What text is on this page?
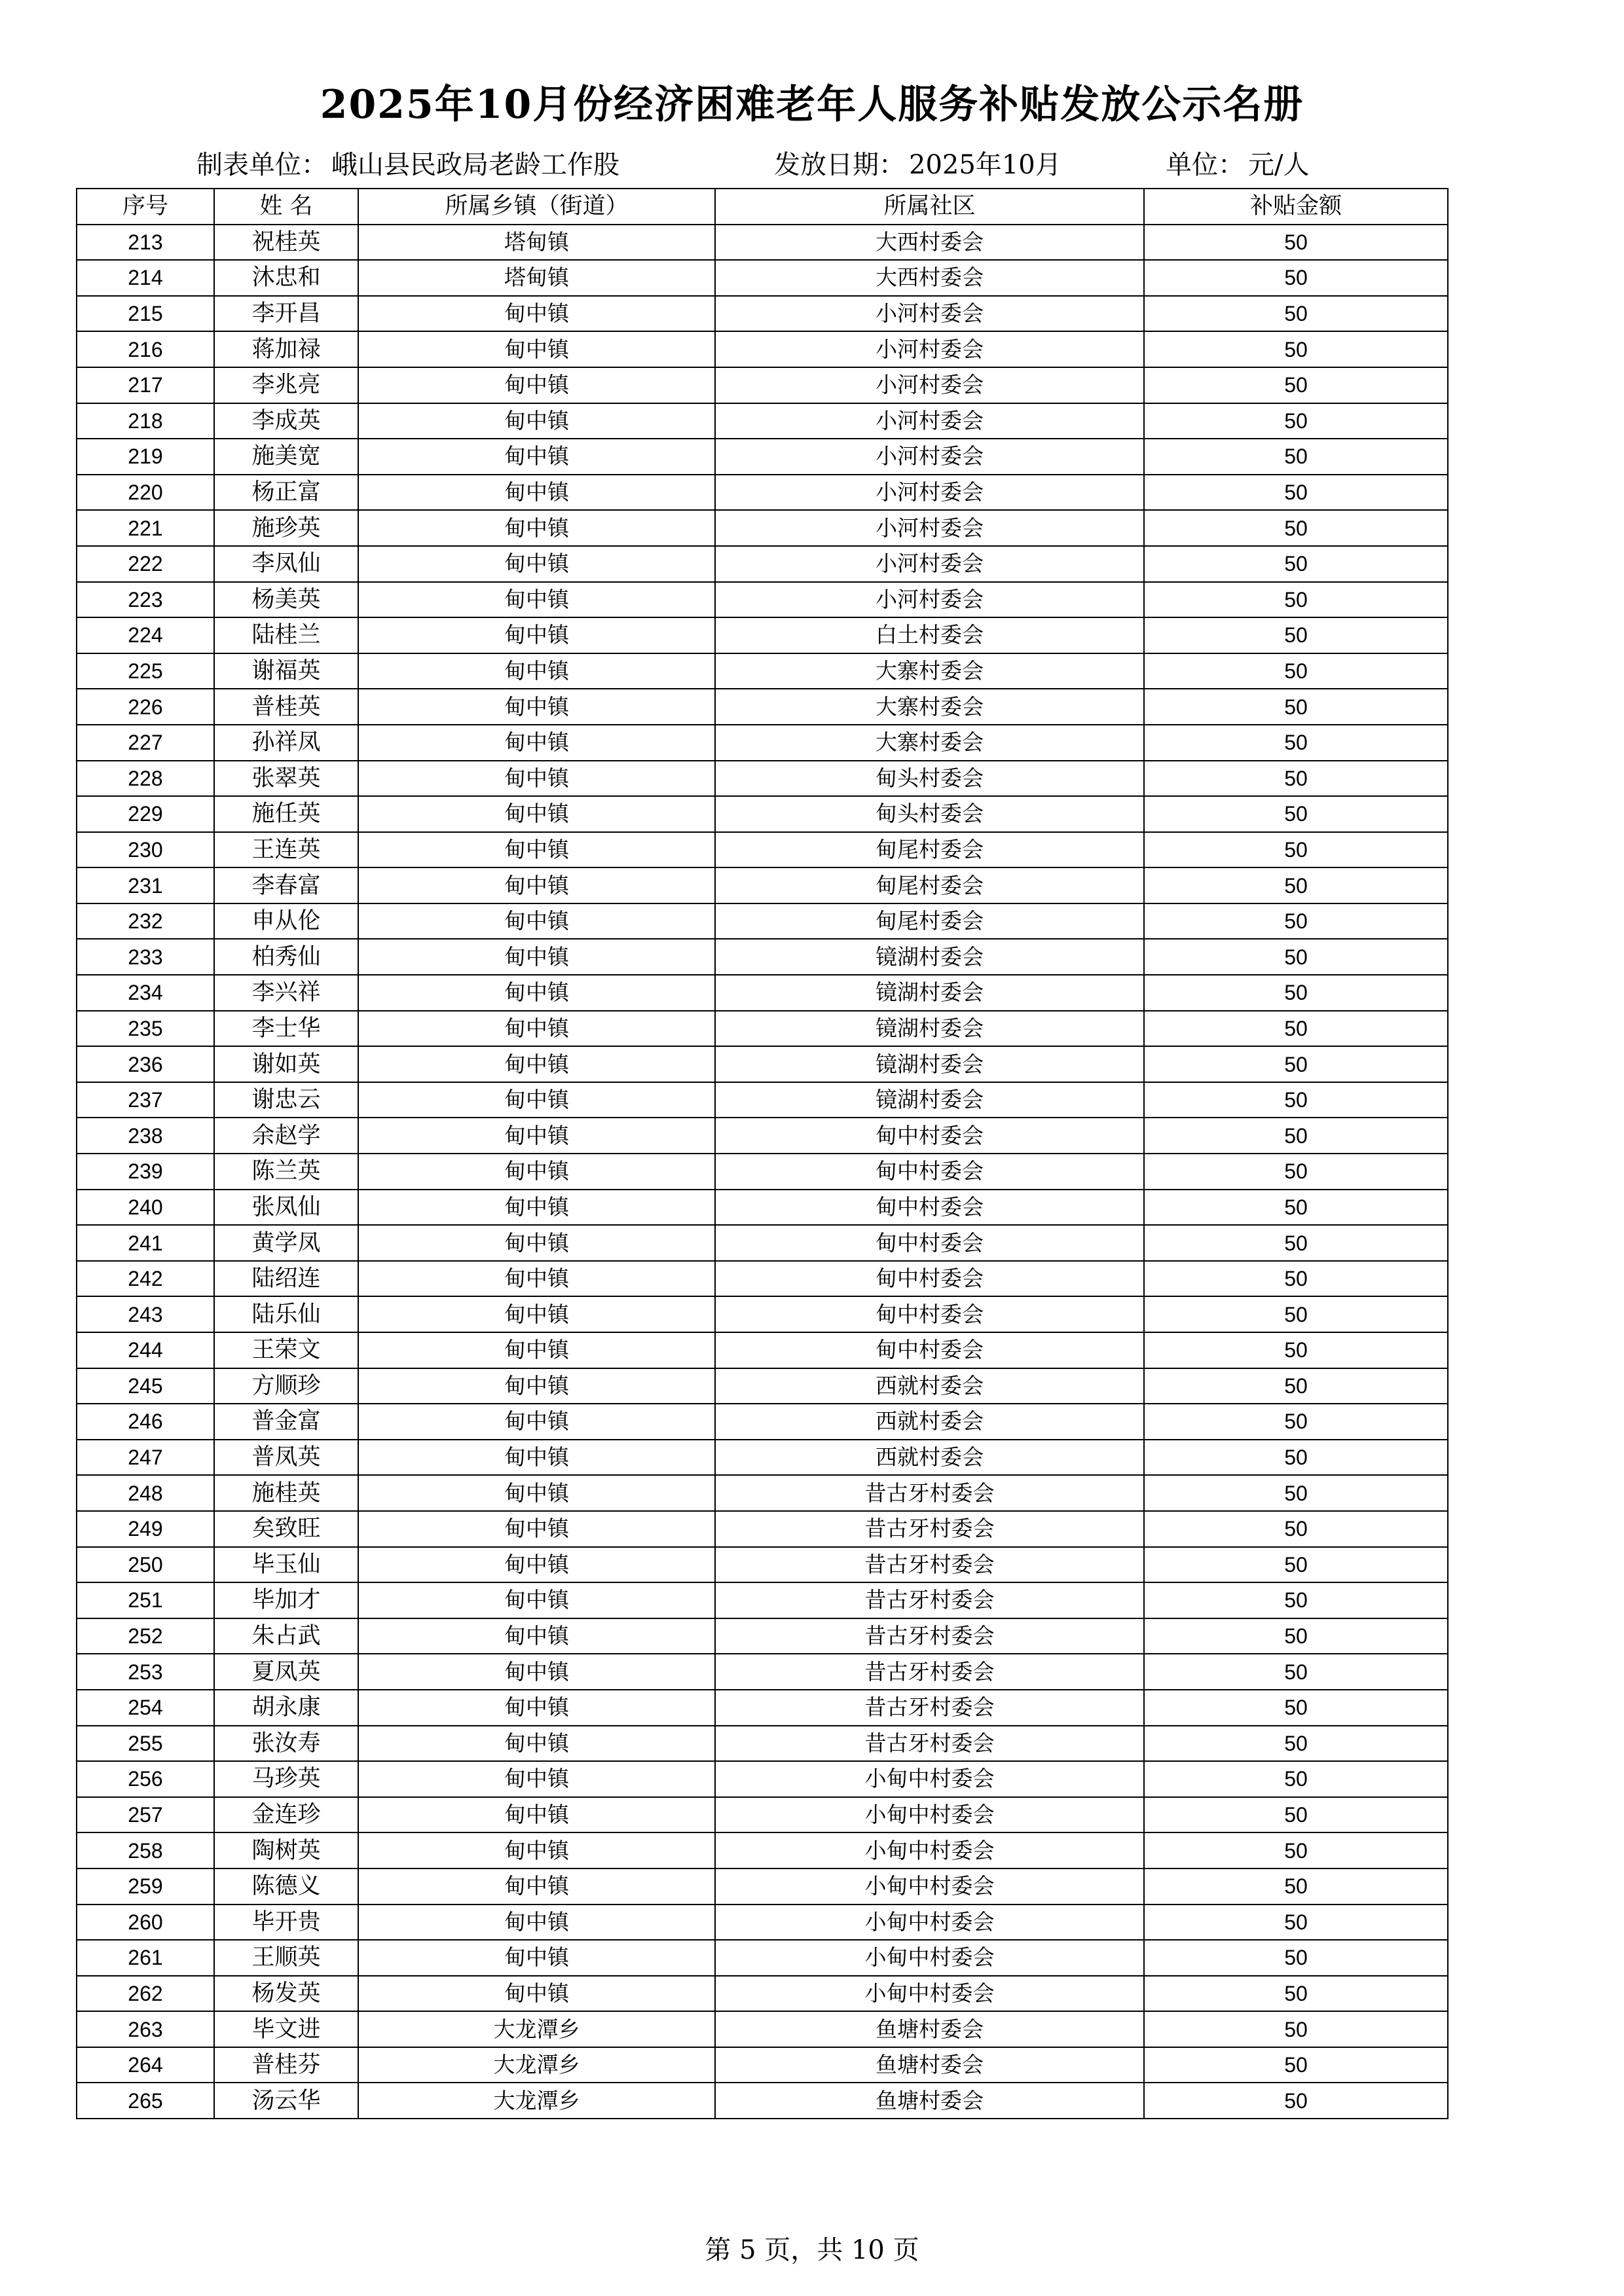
2025年10月份经济困难老年人服务补贴发放公示名册
制表单位： 峨山县民政局老龄工作股	发放日期： 2025年10月	单位： 元/人
序号	姓 名	所属乡镇（街道）	所属社区	补贴金额
213	祝桂英	塔甸镇	大西村委会	50
214	沐忠和	塔甸镇	大西村委会	50
215	李开昌	甸中镇	小河村委会	50
216	蒋加禄	甸中镇	小河村委会	50
217	李兆亮	甸中镇	小河村委会	50
218	李成英	甸中镇	小河村委会	50
219	施美宽	甸中镇	小河村委会	50
220	杨正富	甸中镇	小河村委会	50
221	施珍英	甸中镇	小河村委会	50
222	李凤仙	甸中镇	小河村委会	50
223	杨美英	甸中镇	小河村委会	50
224	陆桂兰	甸中镇	白土村委会	50
225	谢福英	甸中镇	大寨村委会	50
226	普桂英	甸中镇	大寨村委会	50
227	孙祥凤	甸中镇	大寨村委会	50
228	张翠英	甸中镇	甸头村委会	50
229	施任英	甸中镇	甸头村委会	50
230	王连英	甸中镇	甸尾村委会	50
231	李春富	甸中镇	甸尾村委会	50
232	申从伦	甸中镇	甸尾村委会	50
233	柏秀仙	甸中镇	镜湖村委会	50
234	李兴祥	甸中镇	镜湖村委会	50
235	李士华	甸中镇	镜湖村委会	50
236	谢如英	甸中镇	镜湖村委会	50
237	谢忠云	甸中镇	镜湖村委会	50
238	余赵学	甸中镇	甸中村委会	50
239	陈兰英	甸中镇	甸中村委会	50
240	张凤仙	甸中镇	甸中村委会	50
241	黄学凤	甸中镇	甸中村委会	50
242	陆绍连	甸中镇	甸中村委会	50
243	陆乐仙	甸中镇	甸中村委会	50
244	王荣文	甸中镇	甸中村委会	50
245	方顺珍	甸中镇	西就村委会	50
246	普金富	甸中镇	西就村委会	50
247	普凤英	甸中镇	西就村委会	50
248	施桂英	甸中镇	昔古牙村委会	50
249	矣致旺	甸中镇	昔古牙村委会	50
250	毕玉仙	甸中镇	昔古牙村委会	50
251	毕加才	甸中镇	昔古牙村委会	50
252	朱占武	甸中镇	昔古牙村委会	50
253	夏凤英	甸中镇	昔古牙村委会	50
254	胡永康	甸中镇	昔古牙村委会	50
255	张汝寿	甸中镇	昔古牙村委会	50
256	马珍英	甸中镇	小甸中村委会	50
257	金连珍	甸中镇	小甸中村委会	50
258	陶树英	甸中镇	小甸中村委会	50
259	陈德义	甸中镇	小甸中村委会	50
260	毕开贵	甸中镇	小甸中村委会	50
261	王顺英	甸中镇	小甸中村委会	50
262	杨发英	甸中镇	小甸中村委会	50
263	毕文进	大龙潭乡	鱼塘村委会	50
264	普桂芬	大龙潭乡	鱼塘村委会	50
265	汤云华	大龙潭乡	鱼塘村委会	50
第 5 页，共 10 页
